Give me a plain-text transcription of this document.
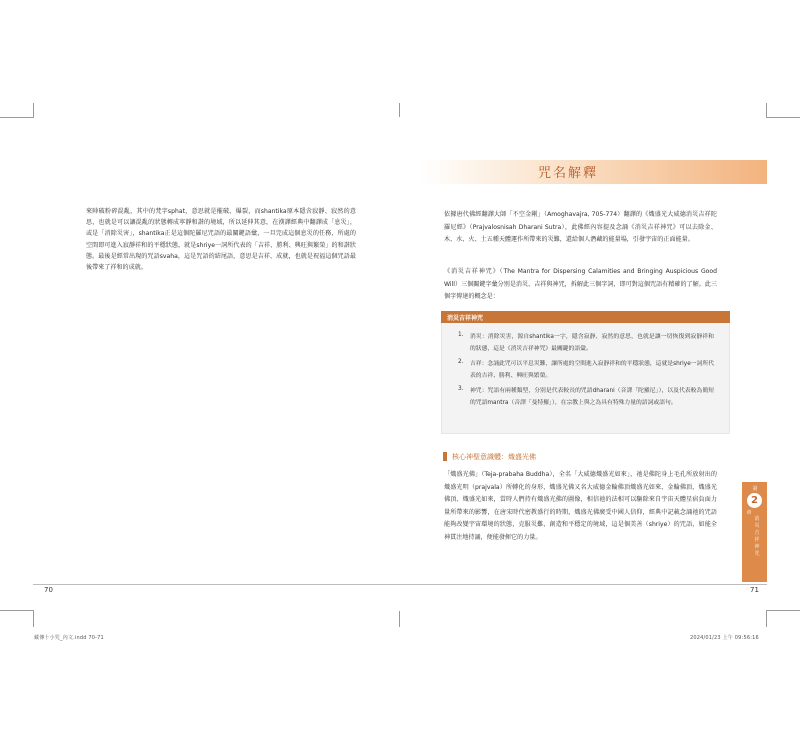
來陣破粉碎混亂，其中的梵字sphat，意思就是摧破、爆裂，而shantika原本隱含寂靜、寂然的意思，也就是可以讓混亂的狀態轉成寧靜和諧的境域，所以延伸其意，在漢譯經典中翻譯成「息災」，或是「消除災害」，shantika正是這個陀羅尼咒語的最關鍵語彙，一旦完成這個息災的任務，所處的空間即可進入寂靜祥和的平穩狀態，就是shriye一詞所代表的「吉祥、勝利、興旺與繁榮」的和諧狀態。最後是經常出現的咒語svaha，這是咒語的結尾語，意思是吉祥、成就，也就是祝福這個咒語最後帶來了祥和的成就。
70
咒名解釋
依據唐代佛經翻譯大師「不空金剛」（Amoghavajra, 705-774）翻譯的《熾盛光大威德消災吉祥陀羅尼經》（Prajvalosnisah Dharani Sutra），此佛經內容提及念誦《消災吉祥神咒》可以去除金、木、水、火、土五種天體運作所帶來的災難，還給個人潛藏的能量場，引發宇宙的正面能量。
《消災吉祥神咒》（The Mantra for Dispersing Calamities and Bringing Auspicious Good Will）三個關鍵字彙分別是消災、吉祥與神咒，拆解此三個字詞，即可對這個咒語有精確的了解。此三個字傳達的概念是：
消災吉祥神咒
1. 消災：消除災害，源自shantika一字，隱含寂靜、寂然的意思，也就是讓一切恢復到寂靜祥和的狀態，這是《消災吉祥神咒》最關鍵的語彙。
2. 吉祥：念誦此咒可以平息災難，讓所處的空間進入寂靜祥和的平穩狀態，這就是shriye一詞所代表的吉祥、勝利、興旺與繁榮。
3. 神咒：咒語有兩種類型，分別是代表較長的咒語dharani（音譯「陀羅尼」），以及代表較為簡短的咒語mantra（音譯「曼特羅」），在宗教上與之為具有特殊力量的語詞或語句。
核心神聖意識體：熾盛光佛
「熾盛光佛」（Teja-prabaha Buddha），全名「大威德熾盛光如來」，祂是佛陀身上毛孔所放射出的熾盛光明（prajvala）所轉化的身形，熾盛光佛又名大威德金輪佛頂熾盛光如來、金輪佛頂、熾盛光佛頂、熾盛光如來，當時人們持有熾盛光佛的圖像，相信祂的法相可以驅除來自宇宙天體星宿負面力量所帶來的影響，在唐宋時代密教盛行的時期，熾盛光佛廣受中國人信仰，經典中記載念誦祂的咒語能夠改變宇宙環境的狀態，克服災難，創造和平穩定的境域，這是個美善（shriye）的咒語，如能全神貫注地持誦，便能發揮它的力量。
第
2
章
消災吉祥神咒
71
藏傳十小咒_內文.indd 70-71	2024/01/23 上午 09:56:16
